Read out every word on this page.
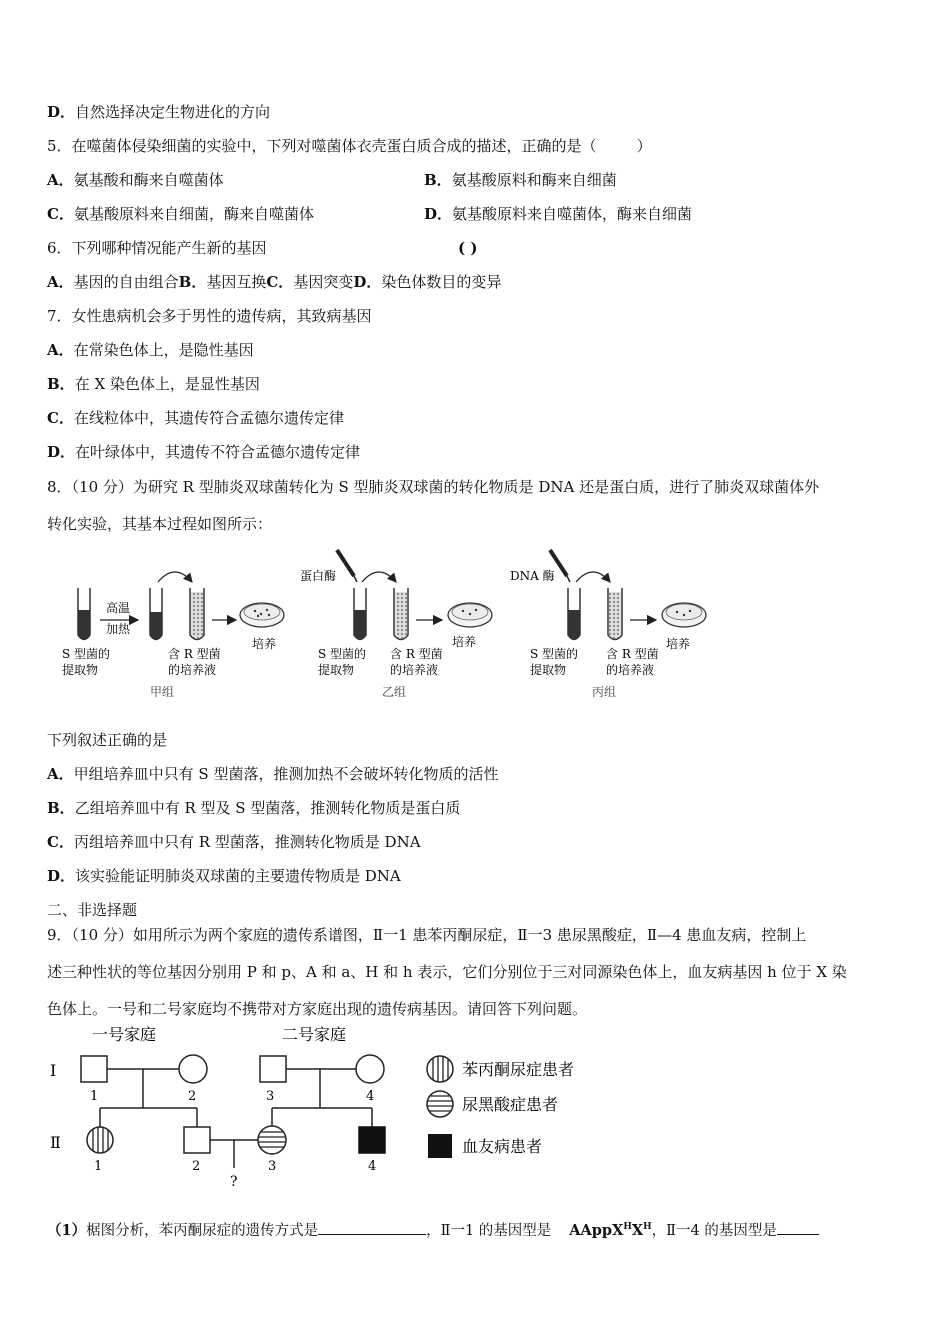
D．自然选择决定生物进化的方向
5．在噬菌体侵染细菌的实验中，下列对噬菌体衣壳蛋白质合成的描述，正确的是（	）
A．氨基酸和酶来自噬菌体	B．氨基酸原料和酶来自细菌
C．氨基酸原料来自细菌，酶来自噬菌体	D．氨基酸原料来自噬菌体，酶来自细菌
6．下列哪种情况能产生新的基因	( )
A．基因的自由组合B．基因互换C．基因突变D．染色体数目的变异
7．女性患病机会多于男性的遗传病，其致病基因
A．在常染色体上，是隐性基因
B．在 X 染色体上，是显性基因
C．在线粒体中，其遗传符合孟德尔遗传定律
D．在叶绿体中，其遗传不符合孟德尔遗传定律
8．（10 分）为研究 R 型肺炎双球菌转化为 S 型肺炎双球菌的转化物质是 DNA 还是蛋白质，进行了肺炎双球菌体外
转化实验，其基本过程如图所示：
高温
加热
培养
S 型菌的
提取物
含 R 型菌
的培养液
甲组
蛋白酶
培养
S 型菌的
提取物
含 R 型菌
的培养液
乙组
DNA 酶
培养
S 型菌的
提取物
含 R 型菌
的培养液
丙组
下列叙述正确的是
A．甲组培养皿中只有 S 型菌落，推测加热不会破坏转化物质的活性
B．乙组培养皿中有 R 型及 S 型菌落，推测转化物质是蛋白质
C．丙组培养皿中只有 R 型菌落，推测转化物质是 DNA
D．该实验能证明肺炎双球菌的主要遗传物质是 DNA
二、非选择题
9．（10 分）如用所示为两个家庭的遗传系谱图，Ⅱ一1 患苯丙酮尿症，Ⅱ一3 患尿黑酸症，Ⅱ—4 患血友病，控制上
述三种性状的等位基因分别用 P 和 p、A 和 a、H 和 h 表示，它们分别位于三对同源染色体上，血友病基因 h 位于 X 染
色体上。一号和二号家庭均不携带对方家庭出现的遗传病基因。请回答下列问题。
一号家庭	二号家庭
Ⅰ
Ⅱ
1	2	3	4
?
1	2	3	4
苯丙酮尿症患者
尿黑酸症患者
血友病患者
（1）椐图分析，苯丙酮尿症的遗传方式是	，Ⅱ一1 的基因型是 $AAppX^HX^H$，Ⅱ一4 的基因型是
